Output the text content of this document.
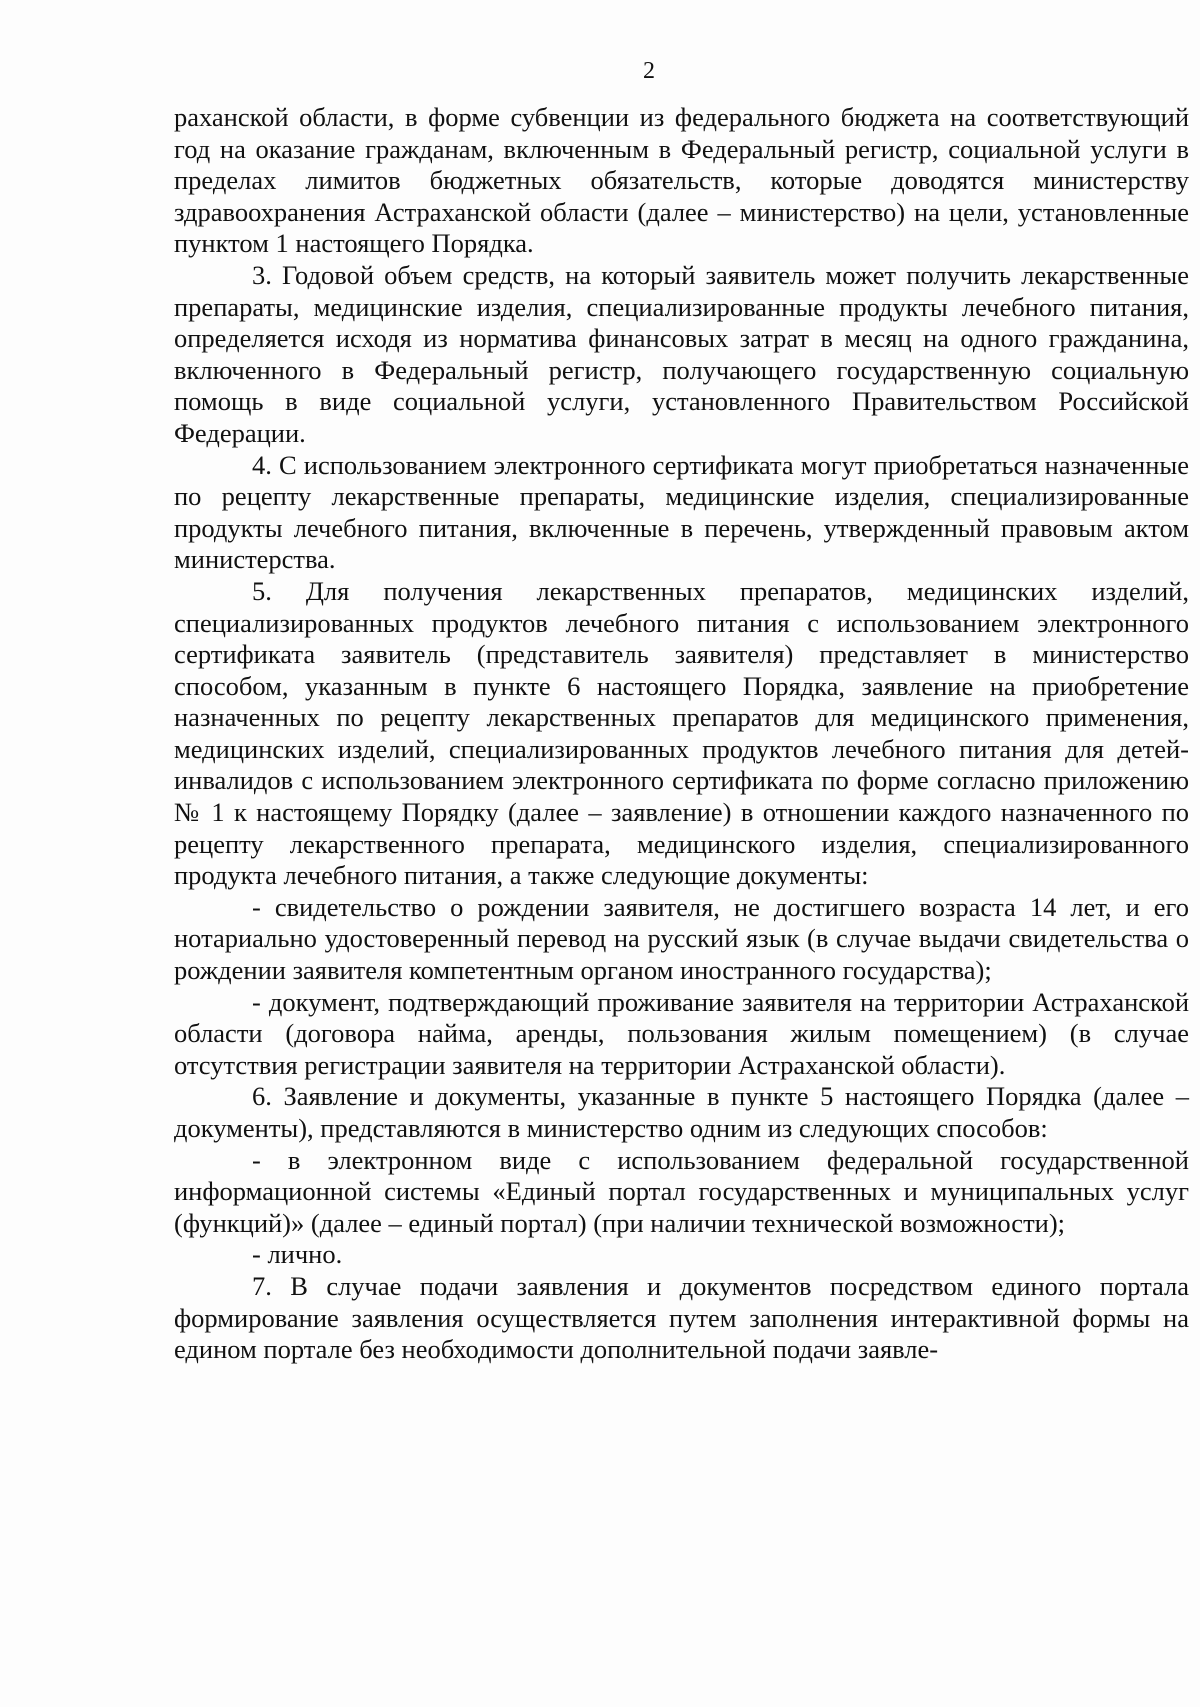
2

раханской области, в форме субвенции из федерального бюджета на соответствующий год на оказание гражданам, включенным в Федеральный регистр, социальной услуги в пределах лимитов бюджетных обязательств, которые доводятся министерству здравоохранения Астраханской области (далее – министерство) на цели, установленные пунктом 1 настоящего Порядка.

3. Годовой объем средств, на который заявитель может получить лекарственные препараты, медицинские изделия, специализированные продукты лечебного питания, определяется исходя из норматива финансовых затрат в месяц на одного гражданина, включенного в Федеральный регистр, получающего государственную социальную помощь в виде социальной услуги, установленного Правительством Российской Федерации.

4. С использованием электронного сертификата могут приобретаться назначенные по рецепту лекарственные препараты, медицинские изделия, специализированные продукты лечебного питания, включенные в перечень, утвержденный правовым актом министерства.

5. Для получения лекарственных препаратов, медицинских изделий, специализированных продуктов лечебного питания с использованием электронного сертификата заявитель (представитель заявителя) представляет в министерство способом, указанным в пункте 6 настоящего Порядка, заявление на приобретение назначенных по рецепту лекарственных препаратов для медицинского применения, медицинских изделий, специализированных продуктов лечебного питания для детей-инвалидов с использованием электронного сертификата по форме согласно приложению № 1 к настоящему Порядку (далее – заявление) в отношении каждого назначенного по рецепту лекарственного препарата, медицинского изделия, специализированного продукта лечебного питания, а также следующие документы:

- свидетельство о рождении заявителя, не достигшего возраста 14 лет, и его нотариально удостоверенный перевод на русский язык (в случае выдачи свидетельства о рождении заявителя компетентным органом иностранного государства);

- документ, подтверждающий проживание заявителя на территории Астраханской области (договора найма, аренды, пользования жилым помещением) (в случае отсутствия регистрации заявителя на территории Астраханской области).

6. Заявление и документы, указанные в пункте 5 настоящего Порядка (далее – документы), представляются в министерство одним из следующих способов:

- в электронном виде с использованием федеральной государственной информационной системы «Единый портал государственных и муниципальных услуг (функций)» (далее – единый портал) (при наличии технической возможности);

- лично.

7. В случае подачи заявления и документов посредством единого портала формирование заявления осуществляется путем заполнения интерактивной формы на едином портале без необходимости дополнительной подачи заявле-
